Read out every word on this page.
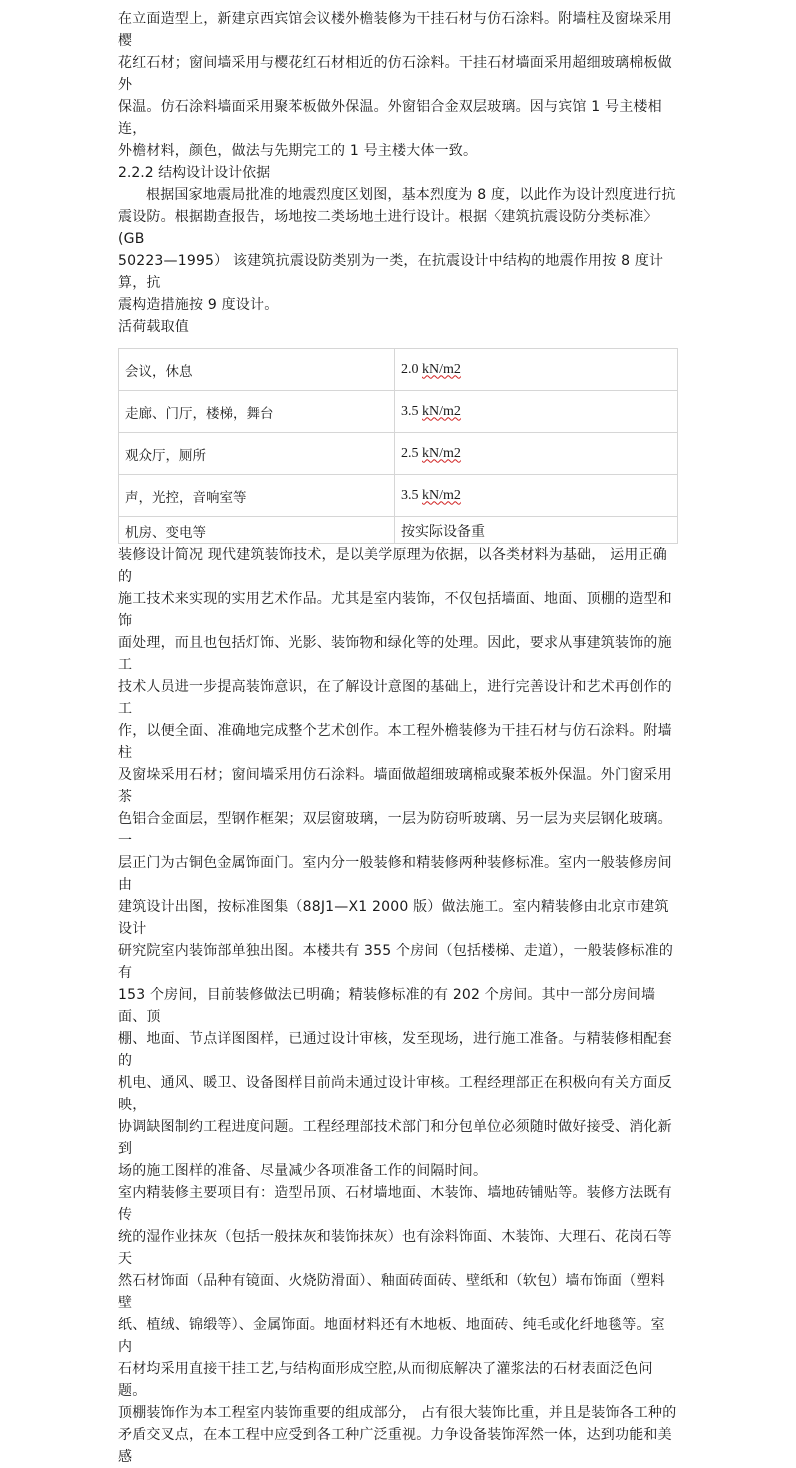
在立面造型上，新建京西宾馆会议楼外檐装修为干挂石材与仿石涂料。附墙柱及窗垛采用樱

花红石材；窗间墙采用与樱花红石材相近的仿石涂料。干挂石材墙面采用超细玻璃棉板做外

保温。仿石涂料墙面采用聚苯板做外保温。外窗铝合金双层玻璃。因与宾馆 1 号主楼相连，

外檐材料，颜色，做法与先期完工的 1 号主楼大体一致。

2.2.2 结构设计设计依据

根据国家地震局批准的地震烈度区划图，基本烈度为 8 度，以此作为设计烈度进行抗

震设防。根据勘查报告，场地按二类场地土进行设计。根据〈建筑抗震设防分类标准〉(GB

50223—1995） 该建筑抗震设防类别为一类，在抗震设计中结构的地震作用按 8 度计算，抗

震构造措施按 9 度设计。

活荷载取值

会议，休息	2.0 kN/m2
走廊、门厅，楼梯，舞台	3.5 kN/m2
观众厅，厕所	2.5 kN/m2
声，光控，音响室等	3.5 kN/m2
机房、变电等	按实际设备重

装修设计简况 现代建筑装饰技术，是以美学原理为依据，以各类材料为基础， 运用正确的

施工技术来实现的实用艺术作品。尤其是室内装饰，不仅包括墙面、地面、顶棚的造型和饰

面处理，而且也包括灯饰、光影、装饰物和绿化等的处理。因此，要求从事建筑装饰的施工

技术人员进一步提高装饰意识，在了解设计意图的基础上，进行完善设计和艺术再创作的工

作，以便全面、准确地完成整个艺术创作。本工程外檐装修为干挂石材与仿石涂料。附墙柱

及窗垛采用石材；窗间墙采用仿石涂料。墙面做超细玻璃棉或聚苯板外保温。外门窗采用茶

色铝合金面层，型钢作框架；双层窗玻璃，一层为防窃听玻璃、另一层为夹层钢化玻璃。一

层正门为古铜色金属饰面门。室内分一般装修和精装修两种装修标准。室内一般装修房间由

建筑设计出图，按标准图集（88J1—X1 2000 版）做法施工。室内精装修由北京市建筑设计

研究院室内装饰部单独出图。本楼共有 355 个房间（包括楼梯、走道），一般装修标准的有

153 个房间，目前装修做法已明确；精装修标准的有 202 个房间。其中一部分房间墙面、顶

棚、地面、节点详图图样，已通过设计审核，发至现场，进行施工准备。与精装修相配套的

机电、通风、暖卫、设备图样目前尚未通过设计审核。工程经理部正在积极向有关方面反映，

协调缺图制约工程进度问题。工程经理部技术部门和分包单位必须随时做好接受、消化新到

场的施工图样的准备、尽量减少各项准备工作的间隔时间。

室内精装修主要项目有：造型吊顶、石材墙地面、木装饰、墙地砖铺贴等。装修方法既有传

统的湿作业抹灰（包括一般抹灰和装饰抹灰）也有涂料饰面、木装饰、大理石、花岗石等天

然石材饰面（品种有镜面、火烧防滑面）、釉面砖面砖、壁纸和（软包）墙布饰面（塑料壁

纸、植绒、锦缎等）、金属饰面。地面材料还有木地板、地面砖、纯毛或化纤地毯等。室内

石材均采用直接干挂工艺,与结构面形成空腔,从而彻底解决了灌浆法的石材表面泛色问题。

顶棚装饰作为本工程室内装饰重要的组成部分， 占有很大装饰比重，并且是装饰各工种的

矛盾交叉点，在本工程中应受到各工种广泛重视。力争设备装饰浑然一体，达到功能和美感
